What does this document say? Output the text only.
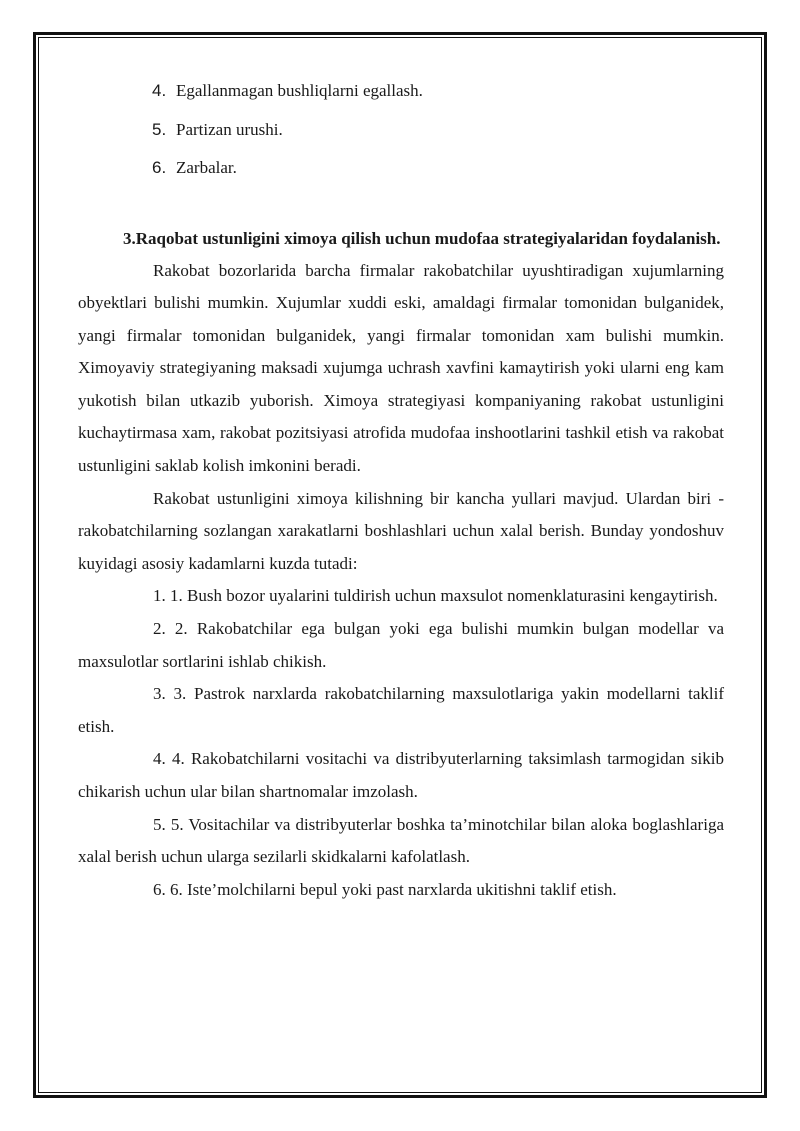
4. Egallanmagan bushliqlarni egallash.
5. Partizan urushi.
6. Zarbalar.
3.Raqobat ustunligini ximoya qilish uchun mudofaa strategiyalaridan foydalanish.

Rakobat bozorlarida barcha firmalar rakobatchilar uyushtiradigan xujumlarning obyektlari bulishi mumkin. Xujumlar xuddi eski, amaldagi firmalar tomonidan bulganidek, yangi firmalar tomonidan bulganidek, yangi firmalar tomonidan xam bulishi mumkin. Ximoyaviy strategiyaning maksadi xujumga uchrash xavfini kamaytirish yoki ularni eng kam yukotish bilan utkazib yuborish. Ximoya strategiyasi kompaniyaning rakobat ustunligini kuchaytirmasa xam, rakobat pozitsiyasi atrofida mudofaa inshootlarini tashkil etish va rakobat ustunligini saklab kolish imkonini beradi.

Rakobat ustunligini ximoya kilishning bir kancha yullari mavjud. Ulardan biri - rakobatchilarning sozlangan xarakatlarni boshlashlari uchun xalal berish. Bunday yondoshuv kuyidagi asosiy kadamlarni kuzda tutadi:

1. 1. Bush bozor uyalarini tuldirish uchun maxsulot nomenklaturasini kengaytirish.

2. 2. Rakobatchilar ega bulgan yoki ega bulishi mumkin bulgan modellar va maxsulotlar sortlarini ishlab chikish.

3. 3. Pastrok narxlarda rakobatchilarning maxsulotlariga yakin modellarni taklif etish.

4. 4. Rakobatchilarni vositachi va distribyuterlarning taksimlash tarmogidan sikib chikarish uchun ular bilan shartnomalar imzolash.

5. 5. Vositachilar va distribyuterlar boshka ta’minotchilar bilan aloka boglashlariga xalal berish uchun ularga sezilarli skidkalarni kafolatlash.

6. 6. Iste’molchilarni bepul yoki past narxlarda ukitishni taklif etish.
